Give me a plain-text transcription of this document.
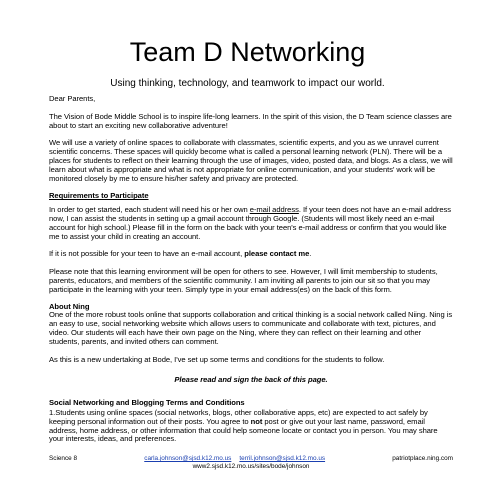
Team D Networking
Using thinking, technology, and teamwork to impact our world.

Dear Parents,

The Vision of Bode Middle School is to inspire life-long learners. In the spirit of this vision, the D Team science classes are about to start an exciting new collaborative adventure!

We will use a variety of online spaces to collaborate with classmates, scientific experts, and you as we unravel current scientific concerns. These spaces will quickly become what is called a personal learning network (PLN). There will be a places for students to reflect on their learning through the use of images, video, posted data, and blogs. As a class, we will learn about what is appropriate and what is not appropriate for online communication, and your students' work will be monitored closely by me to ensure his/her safety and privacy are protected.

Requirements to Participate

In order to get started, each student will need his or her own e-mail address. If your teen does not have an e-mail address now, I can assist the students in setting up a gmail account through Google. (Students will most likely need an e-mail account for high school.) Please fill in the form on the back with your teen's e-mail address or confirm that you would like me to assist your child in creating an account.

If it is not possible for your teen to have an e-mail account, please contact me.

Please note that this learning environment will be open for others to see. However, I will limit membership to students, parents, educators, and members of the scientific community. I am inviting all parents to join our sit so that you may participate in the learning with your teen. Simply type in your email address(es) on the back of this form.

About Ning

One of the more robust tools online that supports collaboration and critical thinking is a social network called Niing. Ning is an easy to use, social networking website which allows users to communicate and collaborate with text, pictures, and video. Our students will each have their own page on the Ning, where they can reflect on their learning and other students, parents, and invited others can comment.

As this is a new undertaking at Bode, I've set up some terms and conditions for the students to follow.

Please read and sign the back of this page.

Social Networking and Blogging Terms and Conditions

1.Students using online spaces (social networks, blogs, other collaborative apps, etc) are expected to act safely by keeping personal information out of their posts. You agree to not post or give out your last name, password, email address, home address, or other information that could help someone locate or contact you in person. You may share your interests, ideas, and preferences.

Science 8	carla.johnson@sjsd.k12.mo.us terril.johnson@sjsd.k12.mo.us	patriotplace.ning.com
www2.sjsd.k12.mo.us/sites/bode/johnson
